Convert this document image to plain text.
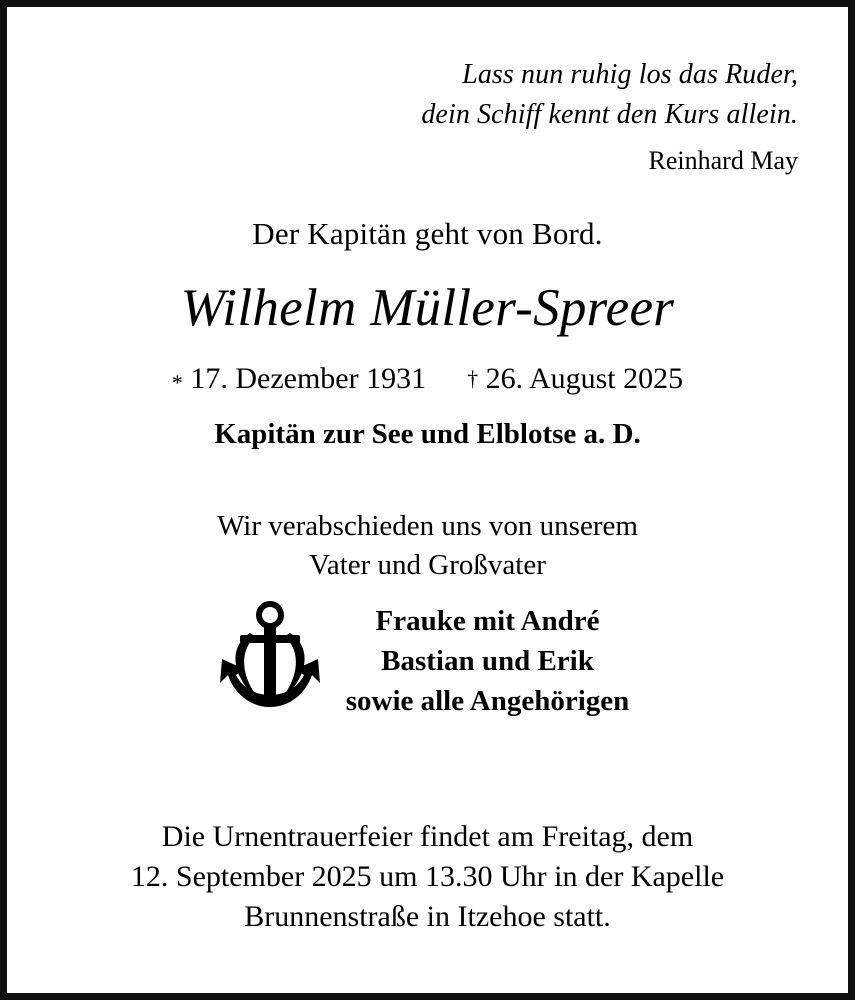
Lass nun ruhig los das Ruder,
dein Schiff kennt den Kurs allein.
Reinhard May
Der Kapitän geht von Bord.
Wilhelm Müller-Spreer
* 17. Dezember 1931 † 26. August 2025
Kapitän zur See und Elblotse a. D.
Wir verabschieden uns von unserem
Vater und Großvater
Frauke mit André
Bastian und Erik
sowie alle Angehörigen
Die Urnentrauerfeier findet am Freitag, dem
12. September 2025 um 13.30 Uhr in der Kapelle
Brunnenstraße in Itzehoe statt.
